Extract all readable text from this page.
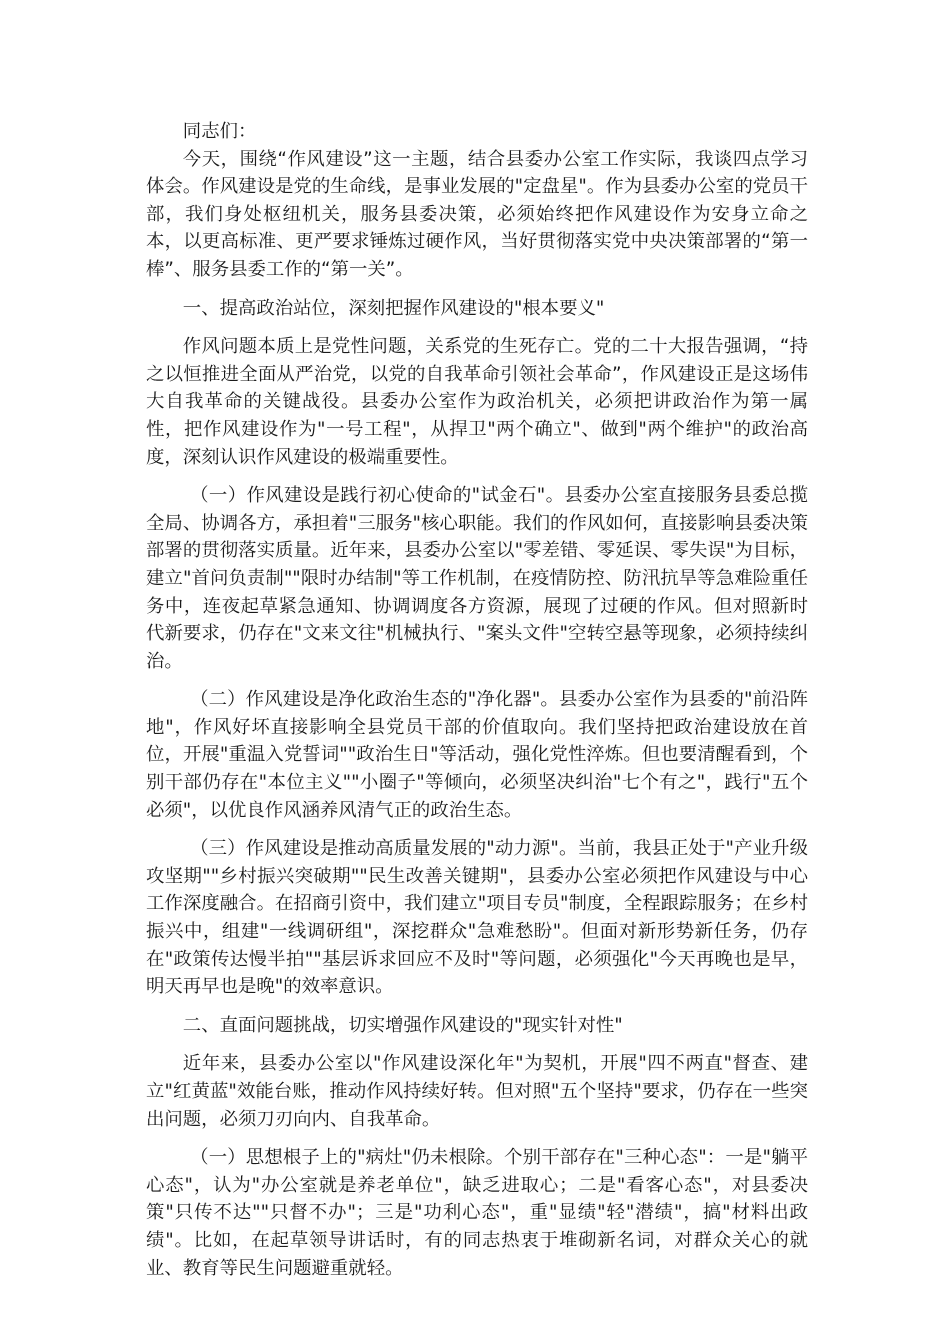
同志们：

今天，围绕“作风建设”这一主题，结合县委办公室工作实际，我谈四点学习体会。作风建设是党的生命线，是事业发展的"定盘星"。作为县委办公室的党员干部，我们身处枢纽机关，服务县委决策，必须始终把作风建设作为安身立命之本，以更高标准、更严要求锤炼过硬作风，当好贯彻落实党中央决策部署的“第一棒”、服务县委工作的“第一关”。

一、提高政治站位，深刻把握作风建设的"根本要义"

作风问题本质上是党性问题，关系党的生死存亡。党的二十大报告强调，“持之以恒推进全面从严治党，以党的自我革命引领社会革命”，作风建设正是这场伟大自我革命的关键战役。县委办公室作为政治机关，必须把讲政治作为第一属性，把作风建设作为"一号工程"，从捍卫"两个确立"、做到"两个维护"的政治高度，深刻认识作风建设的极端重要性。

（一）作风建设是践行初心使命的"试金石"。县委办公室直接服务县委总揽全局、协调各方，承担着"三服务"核心职能。我们的作风如何，直接影响县委决策部署的贯彻落实质量。近年来，县委办公室以"零差错、零延误、零失误"为目标，建立"首问负责制""限时办结制"等工作机制，在疫情防控、防汛抗旱等急难险重任务中，连夜起草紧急通知、协调调度各方资源，展现了过硬的作风。但对照新时代新要求，仍存在"文来文往"机械执行、"案头文件"空转空悬等现象，必须持续纠治。

（二）作风建设是净化政治生态的"净化器"。县委办公室作为县委的"前沿阵地"，作风好坏直接影响全县党员干部的价值取向。我们坚持把政治建设放在首位，开展"重温入党誓词""政治生日"等活动，强化党性淬炼。但也要清醒看到，个别干部仍存在"本位主义""小圈子"等倾向，必须坚决纠治"七个有之"，践行"五个必须"，以优良作风涵养风清气正的政治生态。

（三）作风建设是推动高质量发展的"动力源"。当前，我县正处于"产业升级攻坚期""乡村振兴突破期""民生改善关键期"，县委办公室必须把作风建设与中心工作深度融合。在招商引资中，我们建立"项目专员"制度，全程跟踪服务；在乡村振兴中，组建"一线调研组"，深挖群众"急难愁盼"。但面对新形势新任务，仍存在"政策传达慢半拍""基层诉求回应不及时"等问题，必须强化"今天再晚也是早，明天再早也是晚"的效率意识。

二、直面问题挑战，切实增强作风建设的"现实针对性"

近年来，县委办公室以"作风建设深化年"为契机，开展"四不两直"督查、建立"红黄蓝"效能台账，推动作风持续好转。但对照"五个坚持"要求，仍存在一些突出问题，必须刀刃向内、自我革命。

（一）思想根子上的"病灶"仍未根除。个别干部存在"三种心态"：一是"躺平心态"，认为"办公室就是养老单位"，缺乏进取心；二是"看客心态"，对县委决策"只传不达""只督不办"；三是"功利心态"，重"显绩"轻"潜绩"，搞"材料出政绩"。比如，在起草领导讲话时，有的同志热衷于堆砌新名词，对群众关心的就业、教育等民生问题避重就轻。
